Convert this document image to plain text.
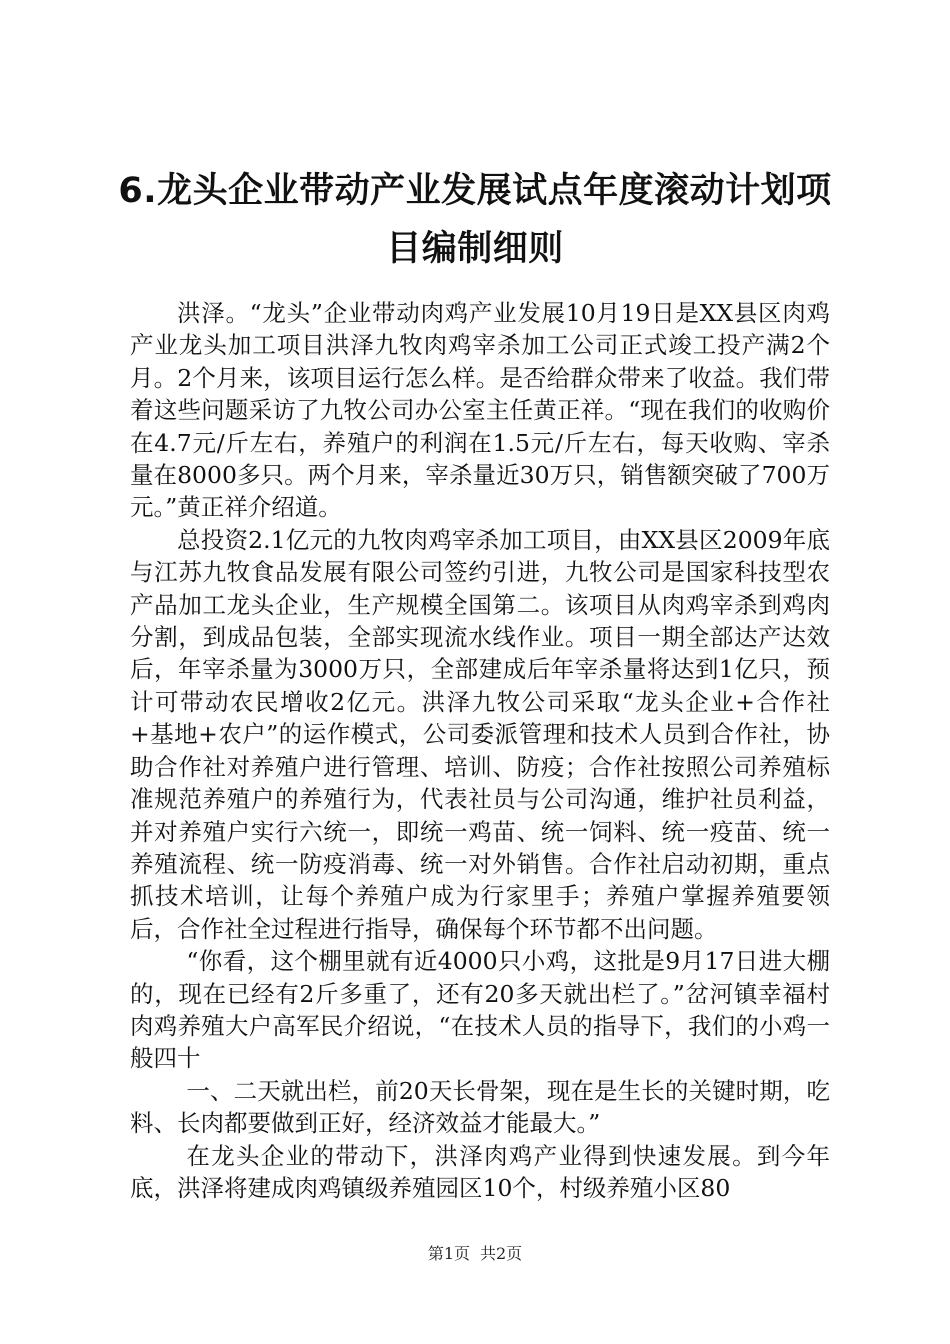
6.龙头企业带动产业发展试点年度滚动计划项目编制细则

洪泽。“龙头”企业带动肉鸡产业发展10月19日是XX县区肉鸡产业龙头加工项目洪泽九牧肉鸡宰杀加工公司正式竣工投产满2个月。2个月来，该项目运行怎么样。是否给群众带来了收益。我们带着这些问题采访了九牧公司办公室主任黄正祥。“现在我们的收购价在4.7元/斤左右，养殖户的利润在1.5元/斤左右，每天收购、宰杀量在8000多只。两个月来，宰杀量近30万只，销售额突破了700万元。”黄正祥介绍道。

总投资2.1亿元的九牧肉鸡宰杀加工项目，由XX县区2009年底与江苏九牧食品发展有限公司签约引进，九牧公司是国家科技型农产品加工龙头企业，生产规模全国第二。该项目从肉鸡宰杀到鸡肉分割，到成品包装，全部实现流水线作业。项目一期全部达产达效后，年宰杀量为3000万只，全部建成后年宰杀量将达到1亿只，预计可带动农民增收2亿元。洪泽九牧公司采取“龙头企业+合作社+基地+农户”的运作模式，公司委派管理和技术人员到合作社，协助合作社对养殖户进行管理、培训、防疫；合作社按照公司养殖标准规范养殖户的养殖行为，代表社员与公司沟通，维护社员利益，并对养殖户实行六统一，即统一鸡苗、统一饲料、统一疫苗、统一养殖流程、统一防疫消毒、统一对外销售。合作社启动初期，重点抓技术培训，让每个养殖户成为行家里手；养殖户掌握养殖要领后，合作社全过程进行指导，确保每个环节都不出问题。

“你看，这个棚里就有近4000只小鸡，这批是9月17日进大棚的，现在已经有2斤多重了，还有20多天就出栏了。”岔河镇幸福村肉鸡养殖大户高军民介绍说，“在技术人员的指导下，我们的小鸡一般四十

一、二天就出栏，前20天长骨架，现在是生长的关键时期，吃料、长肉都要做到正好，经济效益才能最大。”

在龙头企业的带动下，洪泽肉鸡产业得到快速发展。到今年底，洪泽将建成肉鸡镇级养殖园区10个，村级养殖小区80

第1页 共2页
